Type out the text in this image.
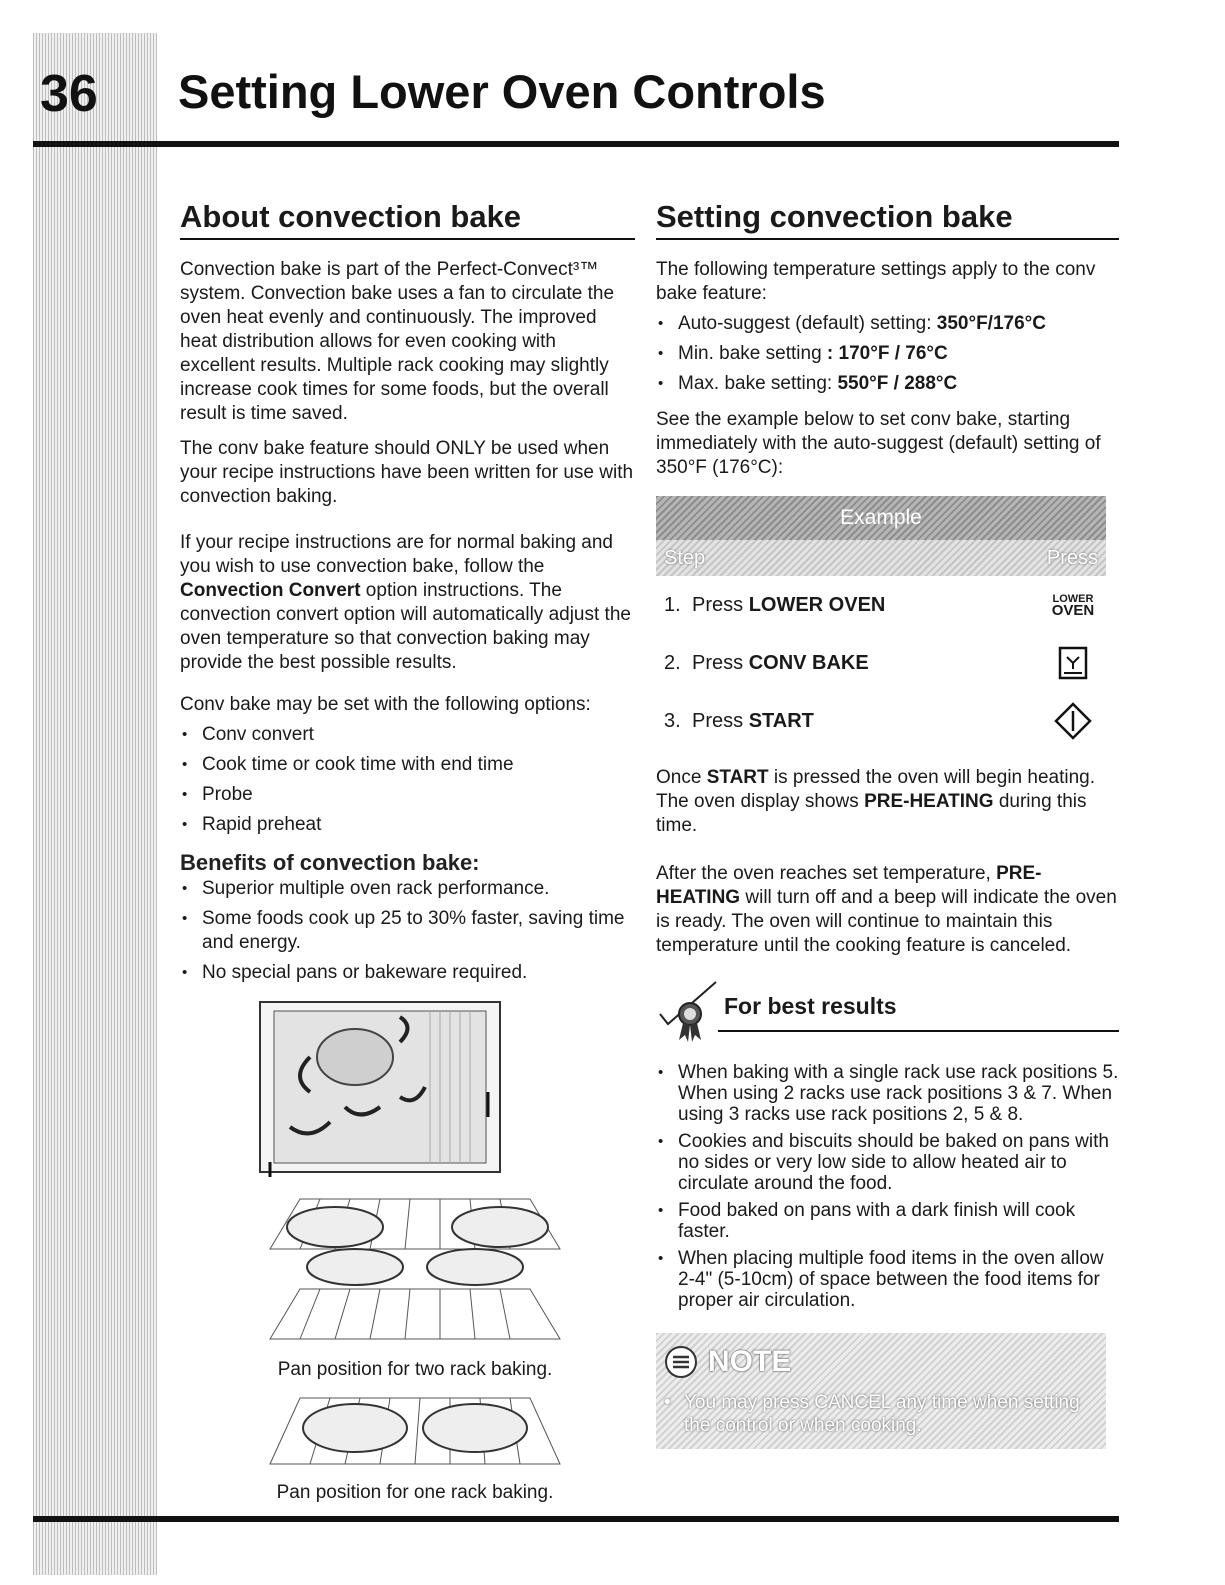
36 Setting Lower Oven Controls
About convection bake

Convection bake is part of the Perfect-Convect³™ system. Convection bake uses a fan to circulate the oven heat evenly and continuously. The improved heat distribution allows for even cooking with excellent results. Multiple rack cooking may slightly increase cook times for some foods, but the overall result is time saved.

The conv bake feature should ONLY be used when your recipe instructions have been written for use with convection baking.

If your recipe instructions are for normal baking and you wish to use convection bake, follow the Convection Convert option instructions. The convection convert option will automatically adjust the oven temperature so that convection baking may provide the best possible results.

Conv bake may be set with the following options:

• Conv convert
• Cook time or cook time with end time
• Probe
• Rapid preheat
Benefits of convection bake:
• Superior multiple oven rack performance.
• Some foods cook up 25 to 30% faster, saving time and energy.
• No special pans or bakeware required.

Pan position for two rack baking.
Pan position for one rack baking.
Setting convection bake

The following temperature settings apply to the conv bake feature:

• Auto-suggest (default) setting: 350°F/176°C
• Min. bake setting : 170°F / 76°C
• Max. bake setting: 550°F / 288°C

See the example below to set conv bake, starting immediately with the auto-suggest (default) setting of 350°F (176°C):

Example
Step	Press
1. Press LOWER OVEN	LOWER
OVEN
2. Press CONV BAKE
3. Press START

Once START is pressed the oven will begin heating. The oven display shows PRE-HEATING during this time.

After the oven reaches set temperature, PRE-HEATING will turn off and a beep will indicate the oven is ready. The oven will continue to maintain this temperature until the cooking feature is canceled.

For best results
• When baking with a single rack use rack positions 5. When using 2 racks use rack positions 3 & 7. When using 3 racks use rack positions 2, 5 & 8.
• Cookies and biscuits should be baked on pans with no sides or very low side to allow heated air to circulate around the food.
• Food baked on pans with a dark finish will cook faster.
• When placing multiple food items in the oven allow 2-4" (5-10cm) of space between the food items for proper air circulation.
NOTE
• You may press CANCEL any time when setting the control or when cooking.
